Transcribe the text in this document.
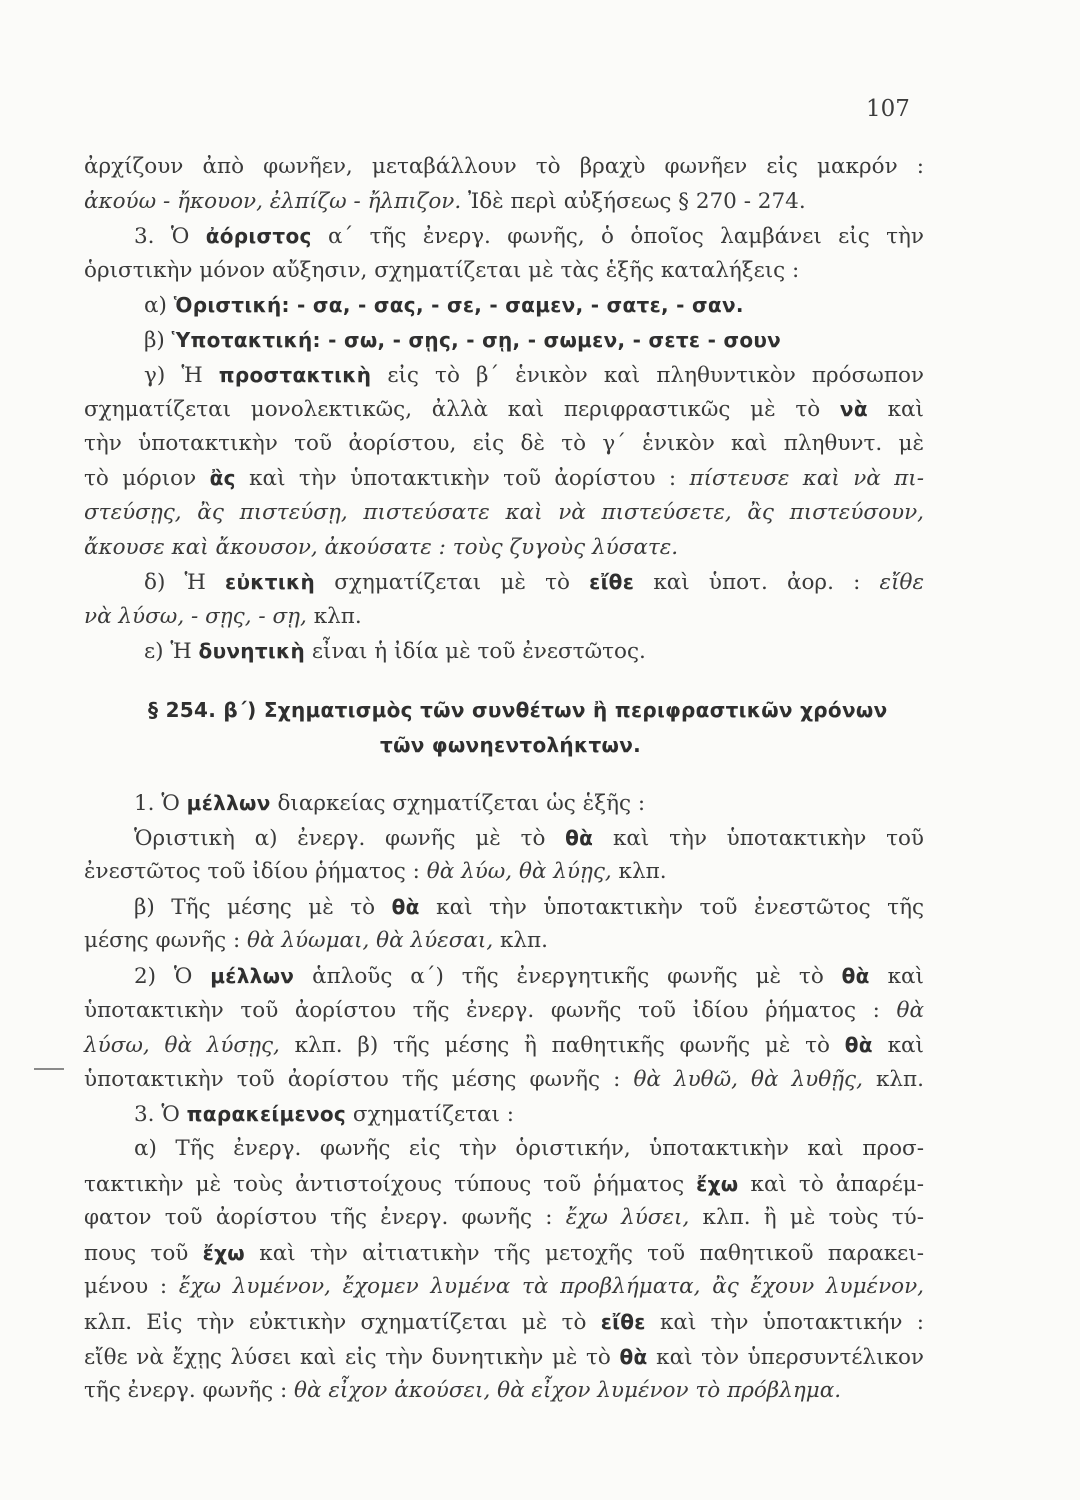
107
ἀρχίζουν ἀπὸ φωνῆεν, μεταβάλλουν τὸ βραχὺ φωνῆεν εἰς μακρόν :
ἀκούω - ἤκουον, ἐλπίζω - ἤλπιζον. Ἰδὲ περὶ αὐξήσεως § 270 - 274.
3. Ὁ ἀόριστος α΄ τῆς ἐνεργ. φωνῆς, ὁ ὁποῖος λαμβάνει εἰς τὴν
ὁριστικὴν μόνον αὔξησιν, σχηματίζεται μὲ τὰς ἑξῆς καταλήξεις :
α) Ὁριστική: - σα, - σας, - σε, - σαμεν, - σατε, - σαν.
β) Ὑποτακτική: - σω, - σῃς, - σῃ, - σωμεν, - σετε - σουν
γ) Ἡ προστακτικὴ εἰς τὸ β΄ ἑνικὸν καὶ πληθυντικὸν πρόσωπον
σχηματίζεται μονολεκτικῶς, ἀλλὰ καὶ περιφραστικῶς μὲ τὸ νὰ καὶ
τὴν ὑποτακτικὴν τοῦ ἀορίστου, εἰς δὲ τὸ γ΄ ἑνικὸν καὶ πληθυντ. μὲ
τὸ μόριον ἂς καὶ τὴν ὑποτακτικὴν τοῦ ἀορίστου : πίστευσε καὶ νὰ πι-
στεύσῃς, ἂς πιστεύσῃ, πιστεύσατε καὶ νὰ πιστεύσετε, ἂς πιστεύσουν,
ἄκουσε καὶ ἄκουσον, ἀκούσατε : τοὺς ζυγοὺς λύσατε.
δ) Ἡ εὐκτικὴ σχηματίζεται μὲ τὸ εἴθε καὶ ὑποτ. ἀορ. : εἴθε
νὰ λύσω, - σῃς, - σῃ, κλπ.
ε) Ἡ δυνητικὴ εἶναι ἡ ἰδία μὲ τοῦ ἐνεστῶτος.
§ 254. β΄) Σχηματισμὸς τῶν συνθέτων ἢ περιφραστικῶν χρόνων
τῶν φωνηεντολήκτων.
1. Ὁ μέλλων διαρκείας σχηματίζεται ὡς ἑξῆς :
Ὁριστικὴ α) ἐνεργ. φωνῆς μὲ τὸ θὰ καὶ τὴν ὑποτακτικὴν τοῦ
ἐνεστῶτος τοῦ ἰδίου ῥήματος : θὰ λύω, θὰ λύῃς, κλπ.
β) Τῆς μέσης μὲ τὸ θὰ καὶ τὴν ὑποτακτικὴν τοῦ ἐνεστῶτος τῆς
μέσης φωνῆς : θὰ λύωμαι, θὰ λύεσαι, κλπ.
2) Ὁ μέλλων ἁπλοῦς α΄) τῆς ἐνεργητικῆς φωνῆς μὲ τὸ θὰ καὶ
ὑποτακτικὴν τοῦ ἀορίστου τῆς ἐνεργ. φωνῆς τοῦ ἰδίου ῥήματος : θὰ
λύσω, θὰ λύσῃς, κλπ. β) τῆς μέσης ἢ παθητικῆς φωνῆς μὲ τὸ θὰ καὶ
ὑποτακτικὴν τοῦ ἀορίστου τῆς μέσης φωνῆς : θὰ λυθῶ, θὰ λυθῇς, κλπ.
3. Ὁ παρακείμενος σχηματίζεται :
α) Τῆς ἐνεργ. φωνῆς εἰς τὴν ὁριστικήν, ὑποτακτικὴν καὶ προσ-
τακτικὴν μὲ τοὺς ἀντιστοίχους τύπους τοῦ ῥήματος ἔχω καὶ τὸ ἀπαρέμ-
φατον τοῦ ἀορίστου τῆς ἐνεργ. φωνῆς : ἔχω λύσει, κλπ. ἢ μὲ τοὺς τύ-
πους τοῦ ἔχω καὶ τὴν αἰτιατικὴν τῆς μετοχῆς τοῦ παθητικοῦ παρακει-
μένου : ἔχω λυμένον, ἔχομεν λυμένα τὰ προβλήματα, ἂς ἔχουν λυμένον,
κλπ. Εἰς τὴν εὐκτικὴν σχηματίζεται μὲ τὸ εἴθε καὶ τὴν ὑποτακτικήν :
εἴθε νὰ ἔχῃς λύσει καὶ εἰς τὴν δυνητικὴν μὲ τὸ θὰ καὶ τὸν ὑπερσυντέλικον
τῆς ἐνεργ. φωνῆς : θὰ εἶχον ἀκούσει, θὰ εἶχον λυμένον τὸ πρόβλημα.
